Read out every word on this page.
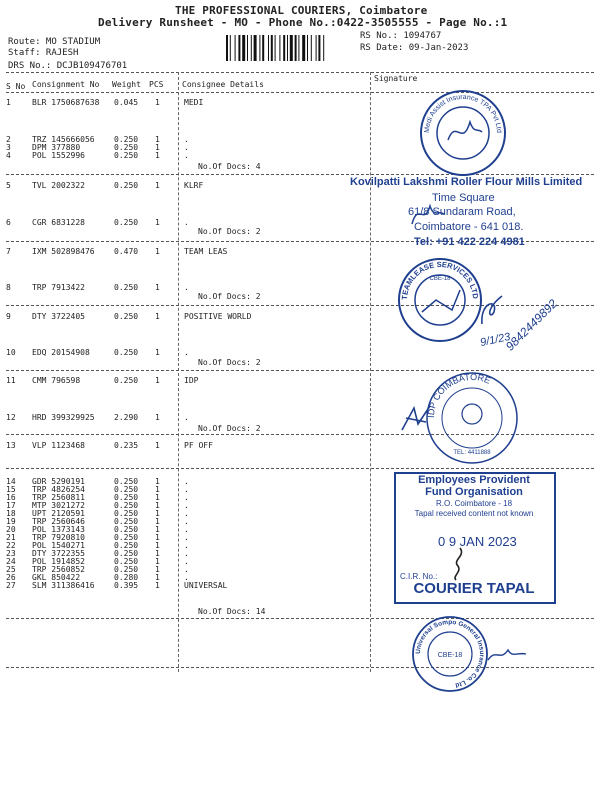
THE PROFESSIONAL COURIERS, Coimbatore
Delivery Runsheet - MO - Phone No.:0422-3505555 - Page No.:1
Route: MO STADIUM
Staff: RAJESH
DRS No.: DCJB109476701
RS No.: 1094767
RS Date: 09-Jan-2023
S No Consignment No Weight PCS Consignee Details
Signature
1	BLR 1750687638 0.045 1	MEDI
2	TRZ 145666056 0.250 1	.
3	DPM 377880	0.250 1	.
4	POL 1552996	0.250 1	.
5	TVL 2002322	0.250 1	KLRF
6	CGR 6831228	0.250 1	.
7	IXM 502898476 0.470 1	TEAM LEAS
8	TRP 7913422	0.250 1	.
9	DTY 3722405	0.250 1	POSITIVE WORLD
10 EDQ 20154908	0.250 1	.
11 CMM 796598	0.250 1	IDP
12 HRD 399329925 2.290 1	.
13 VLP 1123468	0.235 1	PF OFF
14 GDR 5290191	0.250 1	.
15 TRP 4826254	0.250 1	.
16 TRP 2560811	0.250 1	.
17 MTP 3021272	0.250 1	.
18 UPT 2120591	0.250 1	.
19 TRP 2560646	0.250 1	.
20 POL 1373143	0.250 1	.
21 TRP 7920810	0.250 1	.
22 POL 1540271	0.250 1	.
23 DTY 3722355	0.250 1	.
24 POL 1914852	0.250 1	.
25 TRP 2560852	0.250 1	.
26 GKL 850422	0.280 1	.
27 SLM 311386416 0.395 1	UNIVERSAL
No.Of Docs: 4
No.Of Docs: 2
No.Of Docs: 2
No.Of Docs: 2
No.Of Docs: 2
No.Of Docs: 14
Medi Assist Insurance TPA Pvt Ltd
Kovilpatti Lakshmi Roller Flour Mills Limited
Time Square
61/8 Sundaram Road,
Coimbatore - 641 018.
Tel: +91 422 224 4981
TEAMLEASE SERVICES LTD
CBE-18
9/1/23
9842449892
IDP COIMBATORE
TEL: 4411888
Employees Provident
Fund Organisation
R.O. Coimbatore - 18
Tapal received content not known
0 9 JAN 2023
C.I.R. No.:
COURIER TAPAL
Universal Sompo General Insurance Co. Ltd
CBE-18
